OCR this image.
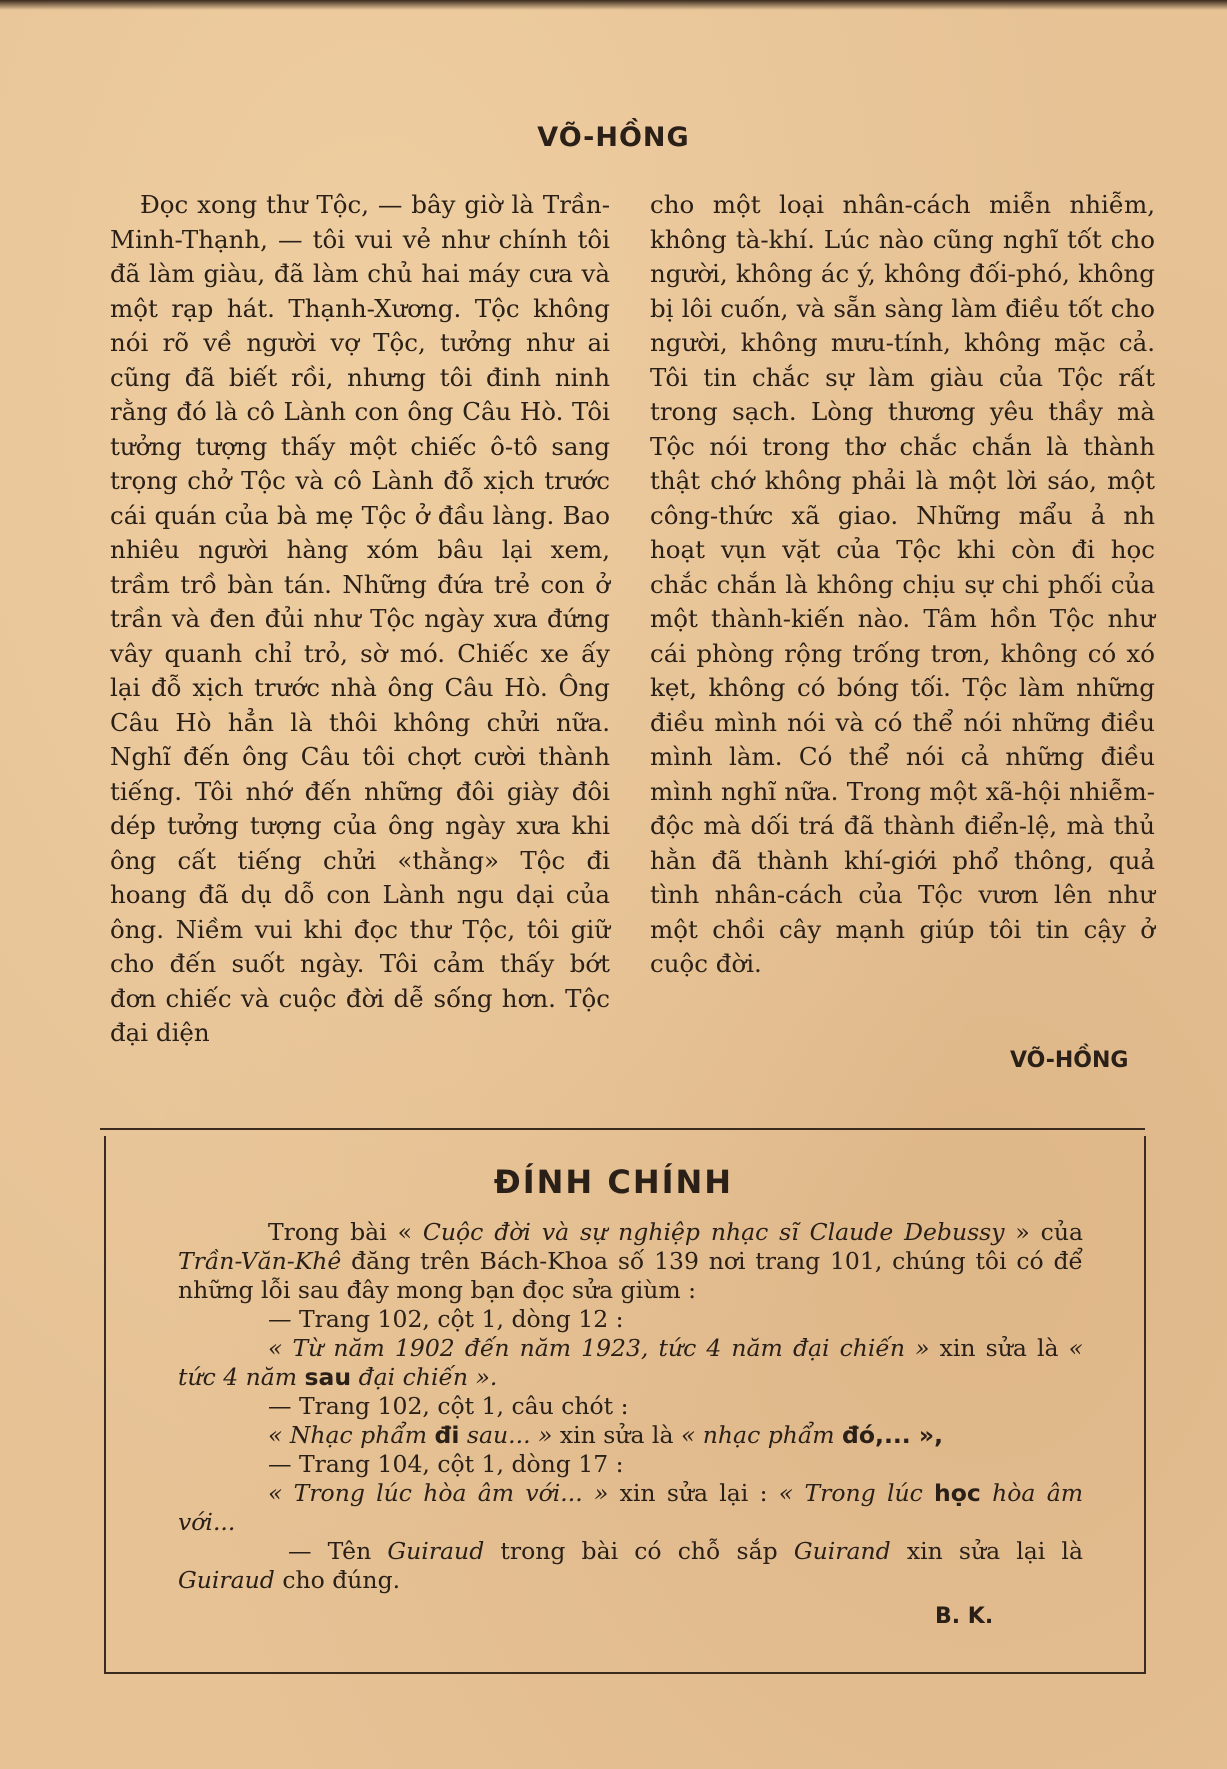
VÕ-HỒNG

Đọc xong thư Tộc, — bây giờ là Trần-Minh-Thạnh, — tôi vui vẻ như chính tôi đã làm giàu, đã làm chủ hai máy cưa và một rạp hát. Thạnh-Xương. Tộc không nói rõ về người vợ Tộc, tưởng như ai cũng đã biết rồi, nhưng tôi đinh ninh rằng đó là cô Lành con ông Câu Hò. Tôi tưởng tượng thấy một chiếc ô-tô sang trọng chở Tộc và cô Lành đỗ xịch trước cái quán của bà mẹ Tộc ở đầu làng. Bao nhiêu người hàng xóm bâu lại xem, trầm trồ bàn tán. Những đứa trẻ con ở trần và đen đủi như Tộc ngày xưa đứng vây quanh chỉ trỏ, sờ mó. Chiếc xe ấy lại đỗ xịch trước nhà ông Câu Hò. Ông Câu Hò hẳn là thôi không chửi nữa. Nghĩ đến ông Câu tôi chợt cười thành tiếng. Tôi nhớ đến những đôi giày đôi dép tưởng tượng của ông ngày xưa khi ông cất tiếng chửi «thằng» Tộc đi hoang đã dụ dỗ con Lành ngu dại của ông. Niềm vui khi đọc thư Tộc, tôi giữ cho đến suốt ngày. Tôi cảm thấy bớt đơn chiếc và cuộc đời dễ sống hơn. Tộc đại diện

cho một loại nhân-cách miễn nhiễm, không tà-khí. Lúc nào cũng nghĩ tốt cho người, không ác ý, không đối-phó, không bị lôi cuốn, và sẵn sàng làm điều tốt cho người, không mưu-tính, không mặc cả. Tôi tin chắc sự làm giàu của Tộc rất trong sạch. Lòng thương yêu thầy mà Tộc nói trong thơ chắc chắn là thành thật chớ không phải là một lời sáo, một công-thức xã giao. Những mẩu ả nh hoạt vụn vặt của Tộc khi còn đi học chắc chắn là không chịu sự chi phối của một thành-kiến nào. Tâm hồn Tộc như cái phòng rộng trống trơn, không có xó kẹt, không có bóng tối. Tộc làm những điều mình nói và có thể nói những điều mình làm. Có thể nói cả những điều mình nghĩ nữa. Trong một xã-hội nhiễm-độc mà dối trá đã thành điển-lệ, mà thủ hằn đã thành khí-giới phổ thông, quả tình nhân-cách của Tộc vươn lên như một chồi cây mạnh giúp tôi tin cậy ở cuộc đời.

VÕ-HỒNG
ĐÍNH CHÍNH

Trong bài « Cuộc đời và sự nghiệp nhạc sĩ Claude Debussy » của Trần-Văn-Khê đăng trên Bách-Khoa số 139 nơi trang 101, chúng tôi có để những lỗi sau đây mong bạn đọc sửa giùm :

— Trang 102, cột 1, dòng 12 :

« Từ năm 1902 đến năm 1923, tức 4 năm đại chiến » xin sửa là « tức 4 năm sau đại chiến ».

— Trang 102, cột 1, câu chót :

« Nhạc phẩm đi sau... » xin sửa là « nhạc phẩm đó,... »,

— Trang 104, cột 1, dòng 17 :

« Trong lúc hòa âm với... » xin sửa lại : « Trong lúc học hòa âm với...

— Tên Guiraud trong bài có chỗ sắp Guirand xin sửa lại là Guiraud cho đúng.

B. K.
